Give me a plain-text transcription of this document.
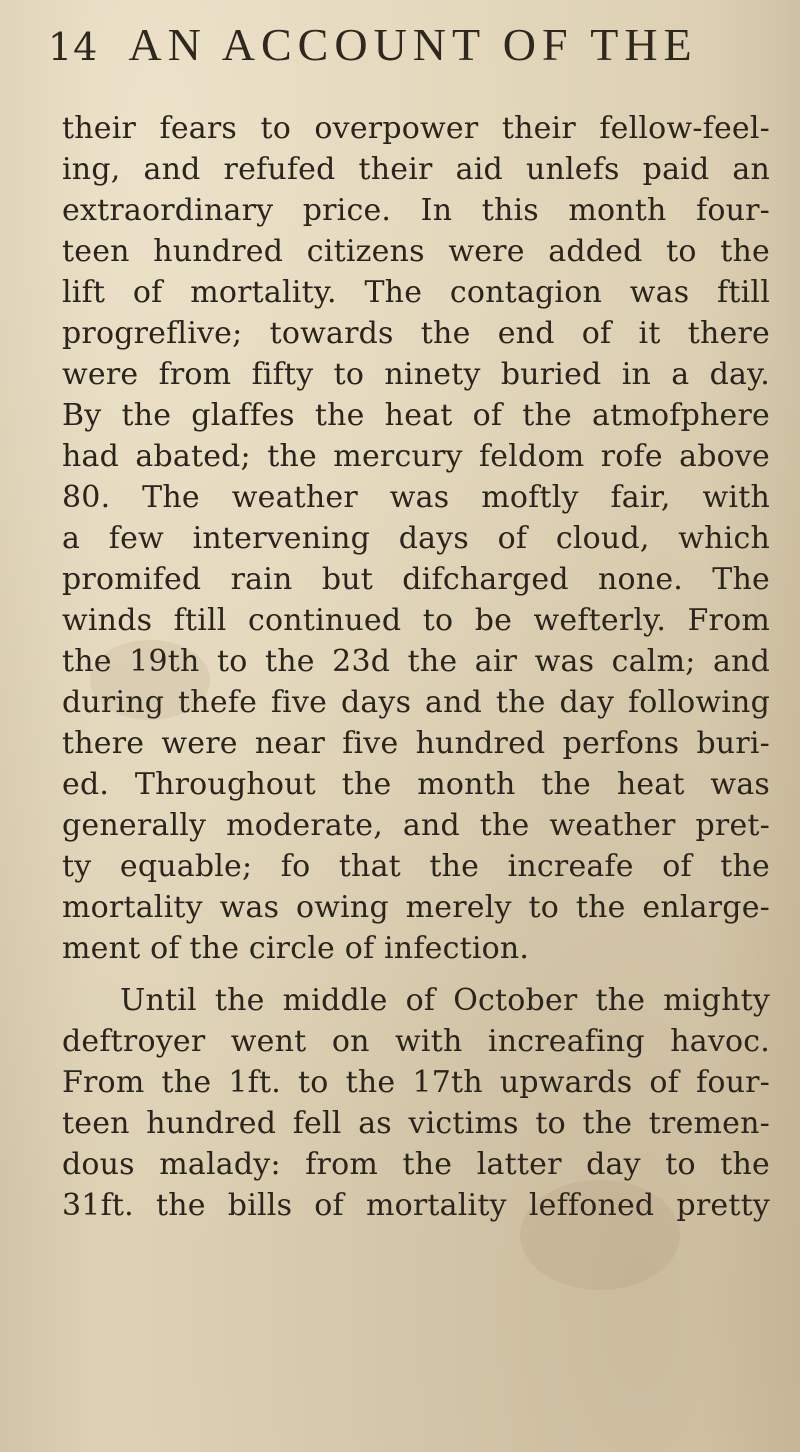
14 AN ACCOUNT OF THE
their fears to overpower their fellow-feel-
ing, and refufed their aid unlefs paid an
extraordinary price. In this month four-
teen hundred citizens were added to the
lift of mortality. The contagion was ftill
progreflive; towards the end of it there
were from fifty to ninety buried in a day.
By the glaffes the heat of the atmofphere
had abated; the mercury feldom rofe above
80. The weather was moftly fair, with
a few intervening days of cloud, which
promifed rain but difcharged none. The
winds ftill continued to be wefterly. From
the 19th to the 23d the air was calm; and
during thefe five days and the day following
there were near five hundred perfons buri-
ed. Throughout the month the heat was
generally moderate, and the weather pret-
ty equable; fo that the increafe of the
mortality was owing merely to the enlarge-
ment of the circle of infection.
Until the middle of October the mighty
deftroyer went on with increafing havoc.
From the 1ft. to the 17th upwards of four-
teen hundred fell as victims to the tremen-
dous malady: from the latter day to the
31ft. the bills of mortality leffoned pretty
